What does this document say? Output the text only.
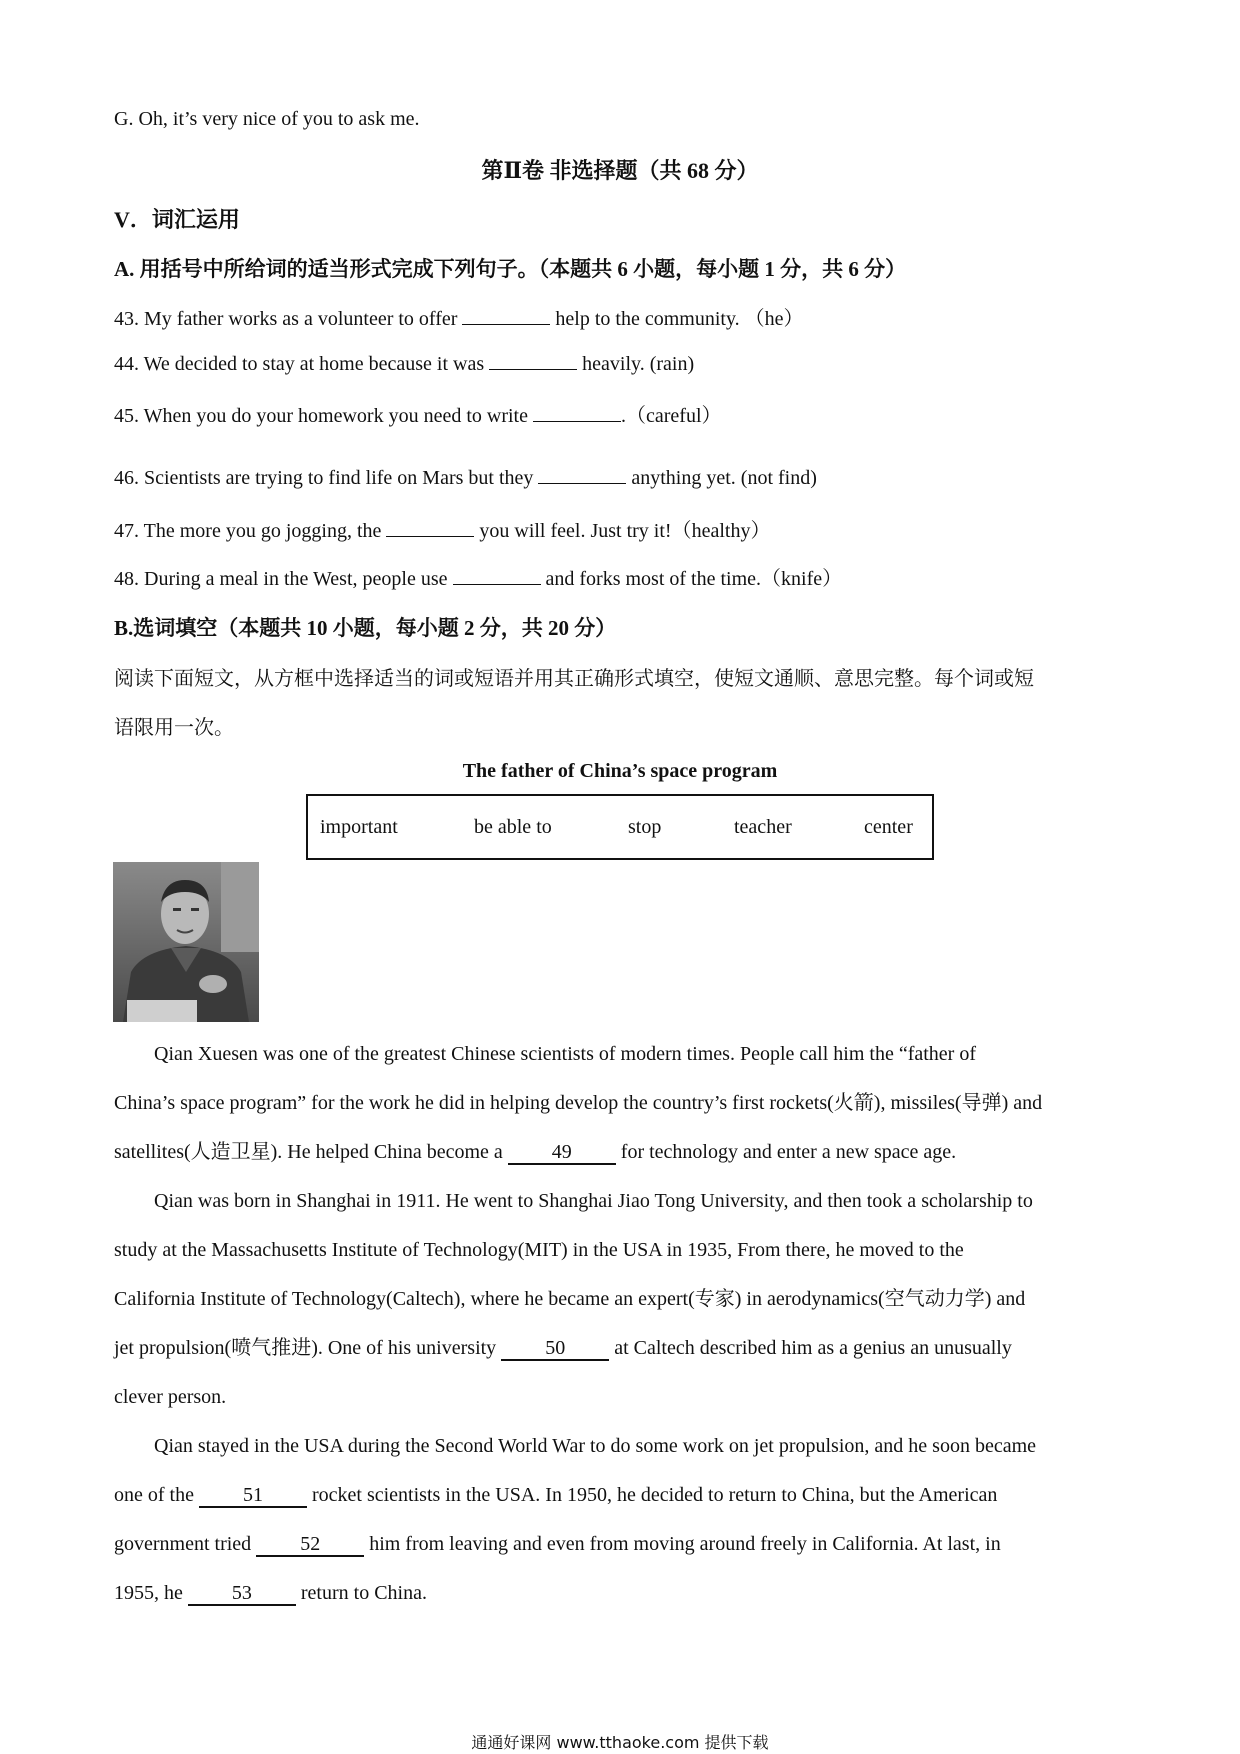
G. Oh, it’s very nice of you to ask me.
第Ⅱ卷 非选择题（共 68 分）
V．词汇运用
A. 用括号中所给词的适当形式完成下列句子。（本题共 6 小题，每小题 1 分，共 6 分）
43. My father works as a volunteer to offer	help to the community. （he）
44. We decided to stay at home because it was	heavily. (rain)
45. When you do your homework you need to write	.（careful）
46. Scientists are trying to find life on Mars but they	anything yet. (not find)
47. The more you go jogging, the	you will feel. Just try it!（healthy）
48. During a meal in the West, people use	and forks most of the time.（knife）
B.选词填空（本题共 10 小题，每小题 2 分，共 20 分）
阅读下面短文，从方框中选择适当的词或短语并用其正确形式填空，使短文通顺、意思完整。每个词或短
语限用一次。
The father of China’s space program
important	be able to	stop	teacher	center

Qian Xuesen was one of the greatest Chinese scientists of modern times. People call him the “father of

China’s space program” for the work he did in helping develop the country’s first rockets(火箭), missiles(导弹) and

satellites(人造卫星). He helped China become a 49 for technology and enter a new space age.

Qian was born in Shanghai in 1911. He went to Shanghai Jiao Tong University, and then took a scholarship to

study at the Massachusetts Institute of Technology(MIT) in the USA in 1935, From there, he moved to the

California Institute of Technology(Caltech), where he became an expert(专家) in aerodynamics(空气动力学) and

jet propulsion(喷气推进). One of his university 50 at Caltech described him as a genius an unusually

clever person.

Qian stayed in the USA during the Second World War to do some work on jet propulsion, and he soon became

one of the 51 rocket scientists in the USA. In 1950, he decided to return to China, but the American

government tried 52 him from leaving and even from moving around freely in California. At last, in

1955, he 53 return to China.

通通好课网 www.tthaoke.com 提供下载
